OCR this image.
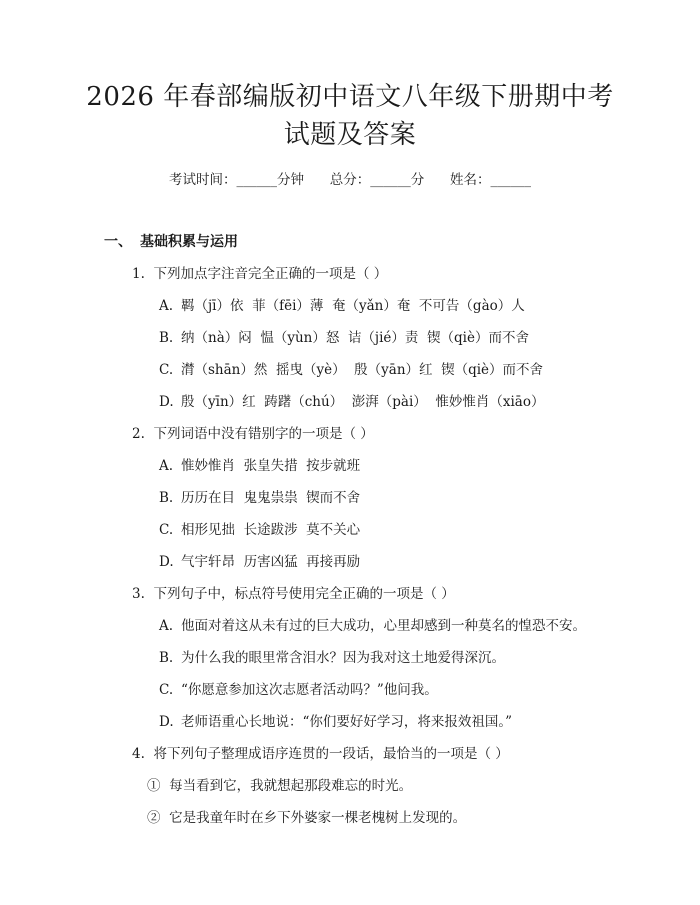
2026 年春部编版初中语文八年级下册期中考
试题及答案
考试时间：______分钟      总分：______分      姓名：______
一、 基础积累与运用
1.  下列加点字注音完全正确的一项是（ ）
A. 羁（jī）依  菲（fēi）薄  奄（yǎn）奄  不可告（gào）人
B. 纳（nà）闷  愠（yùn）怒  诘（jié）责  锲（qiè）而不舍
C. 潸（shān）然  摇曳（yè）  殷（yān）红  锲（qiè）而不舍
D. 殷（yīn）红  踌躇（chú）  澎湃（pài）  惟妙惟肖（xiāo）
2.  下列词语中没有错别字的一项是（ ）
A. 惟妙惟肖  张皇失措  按步就班
B. 历历在目  鬼鬼祟祟  锲而不舍
C. 相形见拙  长途跋涉  莫不关心
D. 气宇轩昂  历害凶猛  再接再励
3.  下列句子中，标点符号使用完全正确的一项是（ ）
A. 他面对着这从未有过的巨大成功，心里却感到一种莫名的惶恐不安。
B. 为什么我的眼里常含泪水？因为我对这土地爱得深沉。
C. “你愿意参加这次志愿者活动吗？”他问我。
D. 老师语重心长地说：“你们要好好学习，将来报效祖国。”
4.  将下列句子整理成语序连贯的一段话，最恰当的一项是（ ）
①  每当看到它，我就想起那段难忘的时光。
②  它是我童年时在乡下外婆家一棵老槐树上发现的。
